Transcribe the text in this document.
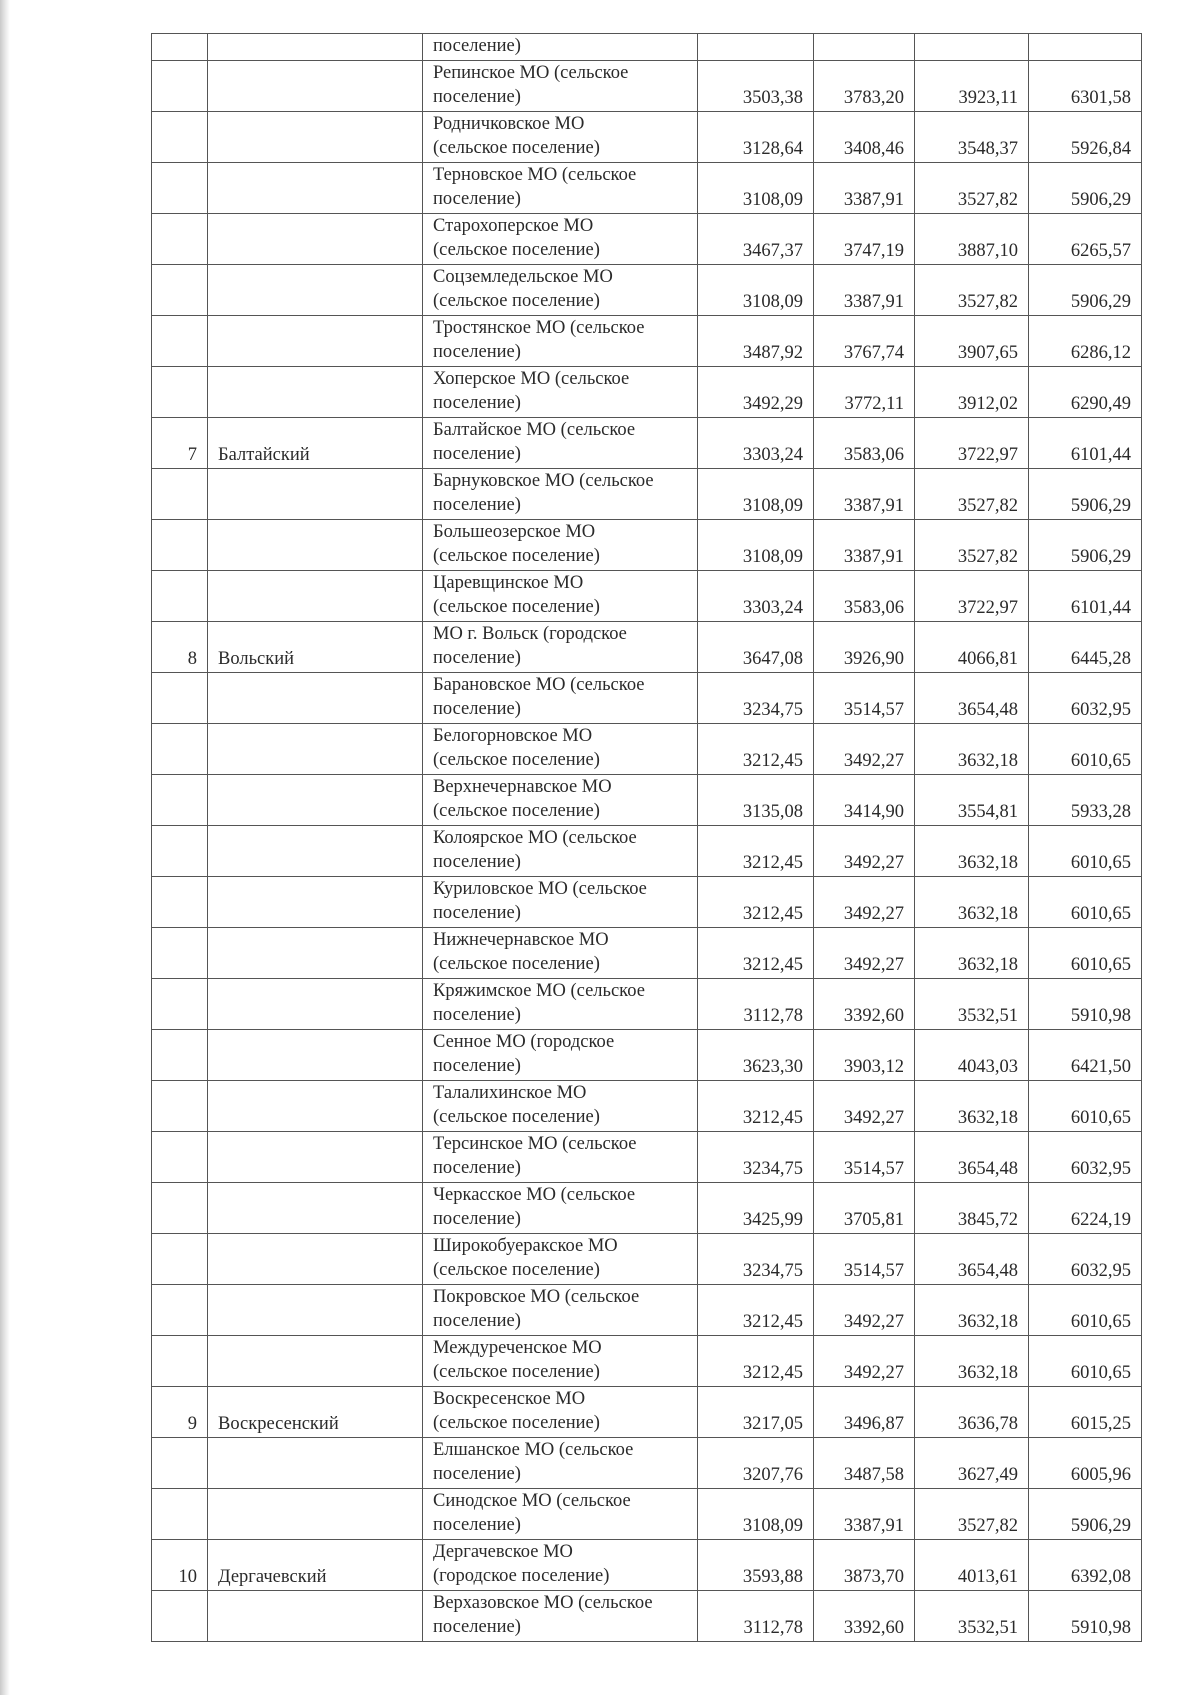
		поселение)				

		Репинское МО (сельское
поселение)	3503,38	3783,20	3923,11	6301,58

		Родничковское МО
(сельское поселение)	3128,64	3408,46	3548,37	5926,84

		Терновское МО (сельское
поселение)	3108,09	3387,91	3527,82	5906,29

		Старохоперское МО
(сельское поселение)	3467,37	3747,19	3887,10	6265,57

		Соцземледельское МО
(сельское поселение)	3108,09	3387,91	3527,82	5906,29

		Тростянское МО (сельское
поселение)	3487,92	3767,74	3907,65	6286,12

		Хоперское МО (сельское
поселение)	3492,29	3772,11	3912,02	6290,49
7	Балтайский	Балтайское МО (сельское
поселение)	3303,24	3583,06	3722,97	6101,44

		Барнуковское МО (сельское
поселение)	3108,09	3387,91	3527,82	5906,29

		Большеозерское МО
(сельское поселение)	3108,09	3387,91	3527,82	5906,29

		Царевщинское МО
(сельское поселение)	3303,24	3583,06	3722,97	6101,44
8	Вольский	МО г. Вольск (городское
поселение)	3647,08	3926,90	4066,81	6445,28

		Барановское МО (сельское
поселение)	3234,75	3514,57	3654,48	6032,95

		Белогорновское МО
(сельское поселение)	3212,45	3492,27	3632,18	6010,65

		Верхнечернавское МО
(сельское поселение)	3135,08	3414,90	3554,81	5933,28

		Колоярское МО (сельское
поселение)	3212,45	3492,27	3632,18	6010,65

		Куриловское МО (сельское
поселение)	3212,45	3492,27	3632,18	6010,65

		Нижнечернавское МО
(сельское поселение)	3212,45	3492,27	3632,18	6010,65

		Кряжимское МО (сельское
поселение)	3112,78	3392,60	3532,51	5910,98

		Сенное МО (городское
поселение)	3623,30	3903,12	4043,03	6421,50

		Талалихинское МО
(сельское поселение)	3212,45	3492,27	3632,18	6010,65

		Терсинское МО (сельское
поселение)	3234,75	3514,57	3654,48	6032,95

		Черкасское МО (сельское
поселение)	3425,99	3705,81	3845,72	6224,19

		Широкобуеракское МО
(сельское поселение)	3234,75	3514,57	3654,48	6032,95

		Покровское МО (сельское
поселение)	3212,45	3492,27	3632,18	6010,65

		Междуреченское МО
(сельское поселение)	3212,45	3492,27	3632,18	6010,65
9	Воскресенский	Воскресенское МО
(сельское поселение)	3217,05	3496,87	3636,78	6015,25

		Елшанское МО (сельское
поселение)	3207,76	3487,58	3627,49	6005,96

		Синодское МО (сельское
поселение)	3108,09	3387,91	3527,82	5906,29
10	Дергачевский	Дергачевское МО
(городское поселение)	3593,88	3873,70	4013,61	6392,08

		Верхазовское МО (сельское
поселение)	3112,78	3392,60	3532,51	5910,98
